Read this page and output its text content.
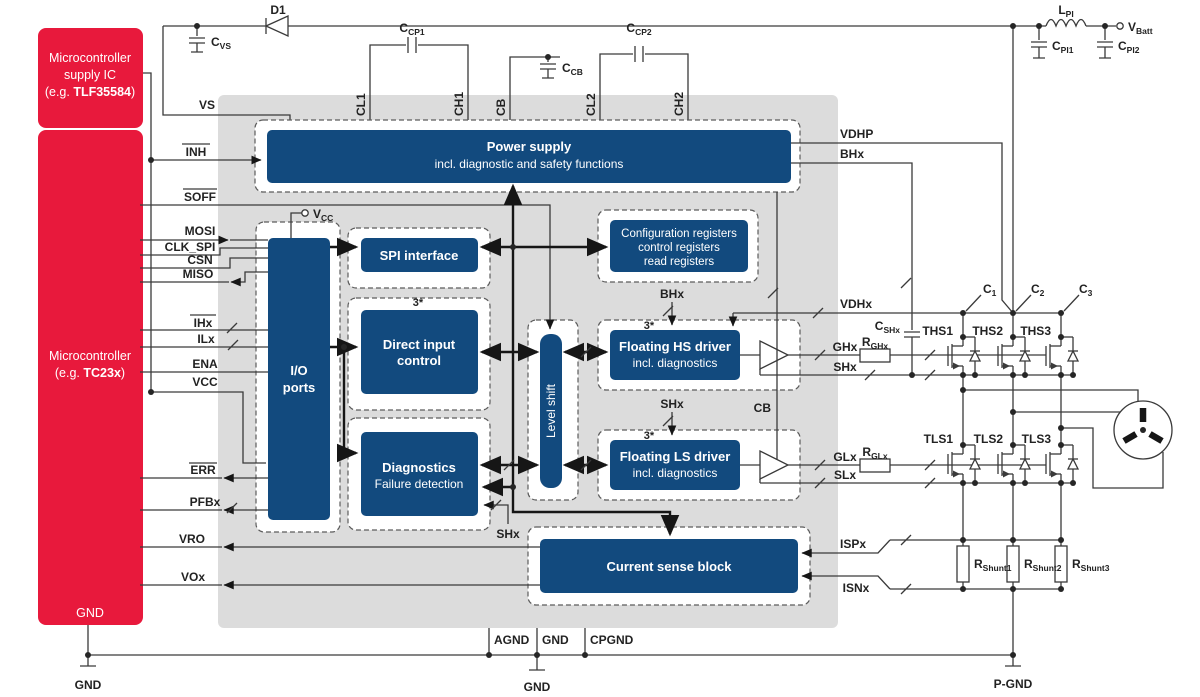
Microcontroller
supply IC
(e.g. TLF35584)
Microcontroller
(e.g. TC23x)
GND
Power supply
incl. diagnostic and safety functions
I/O
ports
SPI interface
Direct input
control
3*
Diagnostics
Failure detection
Level shift
Configuration registers
control registers
read registers
Floating HS driver
incl. diagnostics
3*
Floating LS driver
incl. diagnostics
3*
Current sense block
VS
INH
SOFF
MOSI
CLK_SPI
CSN
MISO
IHx
ILx
ENA
VCC
ERR
PFBx
VRO
VOx
CL1	CH1 CB	CL2	CH2
VDHP
BHx
VDHx
BHx
SHx	CB
GHx
SHx
GLx
SLx
ISPx
ISNx
SHx
AGND GND CPGND
GND	GND	P-GND
D1
$C_{VS}$
$C_{CP1}$
$C_{CB}$
$C_{CP2}$
$L_{PI}$
$V_{Batt}$
$C_{PI1}$	$C_{PI2}$
$V_{CC}$
$C_{SHx}$
$R_{GHx}$
$R_{GLx}$
$C_1$	$C_2$	$C_3$
THS1 THS2 THS3
TLS1 TLS2 TLS3
$R_{Shunt1}$ $R_{Shunt2}$ $R_{Shunt3}$
